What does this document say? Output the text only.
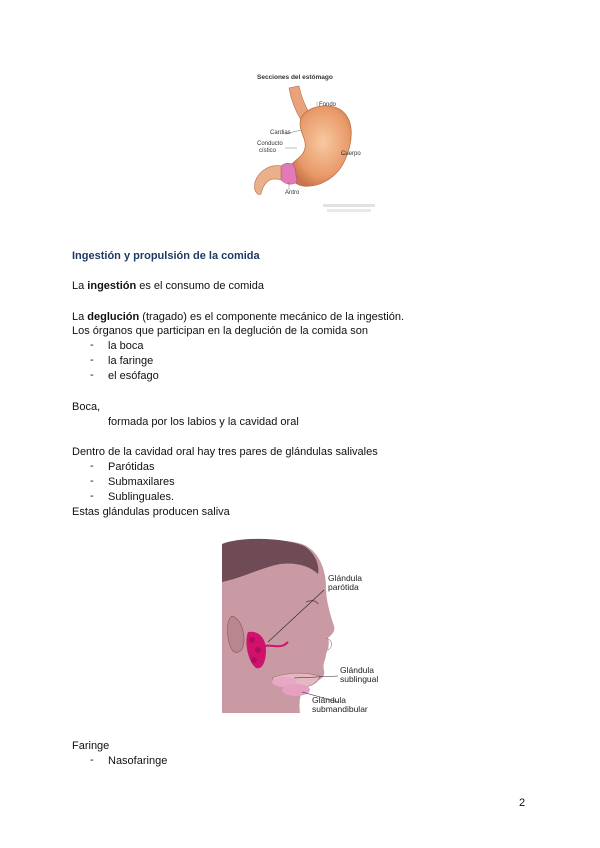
Secciones del estómago
Fondo
Cardias
Conducto
cístico	Cuerpo
Antro
Ingestión y propulsión de la comida
La ingestión es el consumo de comida
La deglución (tragado) es el componente mecánico de la ingestión.
Los órganos que participan en la deglución de la comida son
- la boca
- la faringe
- el esófago
Boca,
formada por los labios y la cavidad oral
Dentro de la cavidad oral hay tres pares de glándulas salivales
- Parótidas
- Submaxilares
- Sublinguales.
Estas glándulas producen saliva
Glándula
parótida
Glándula
sublingual
Glándula
submandibular
Faringe
- Nasofaringe
2
